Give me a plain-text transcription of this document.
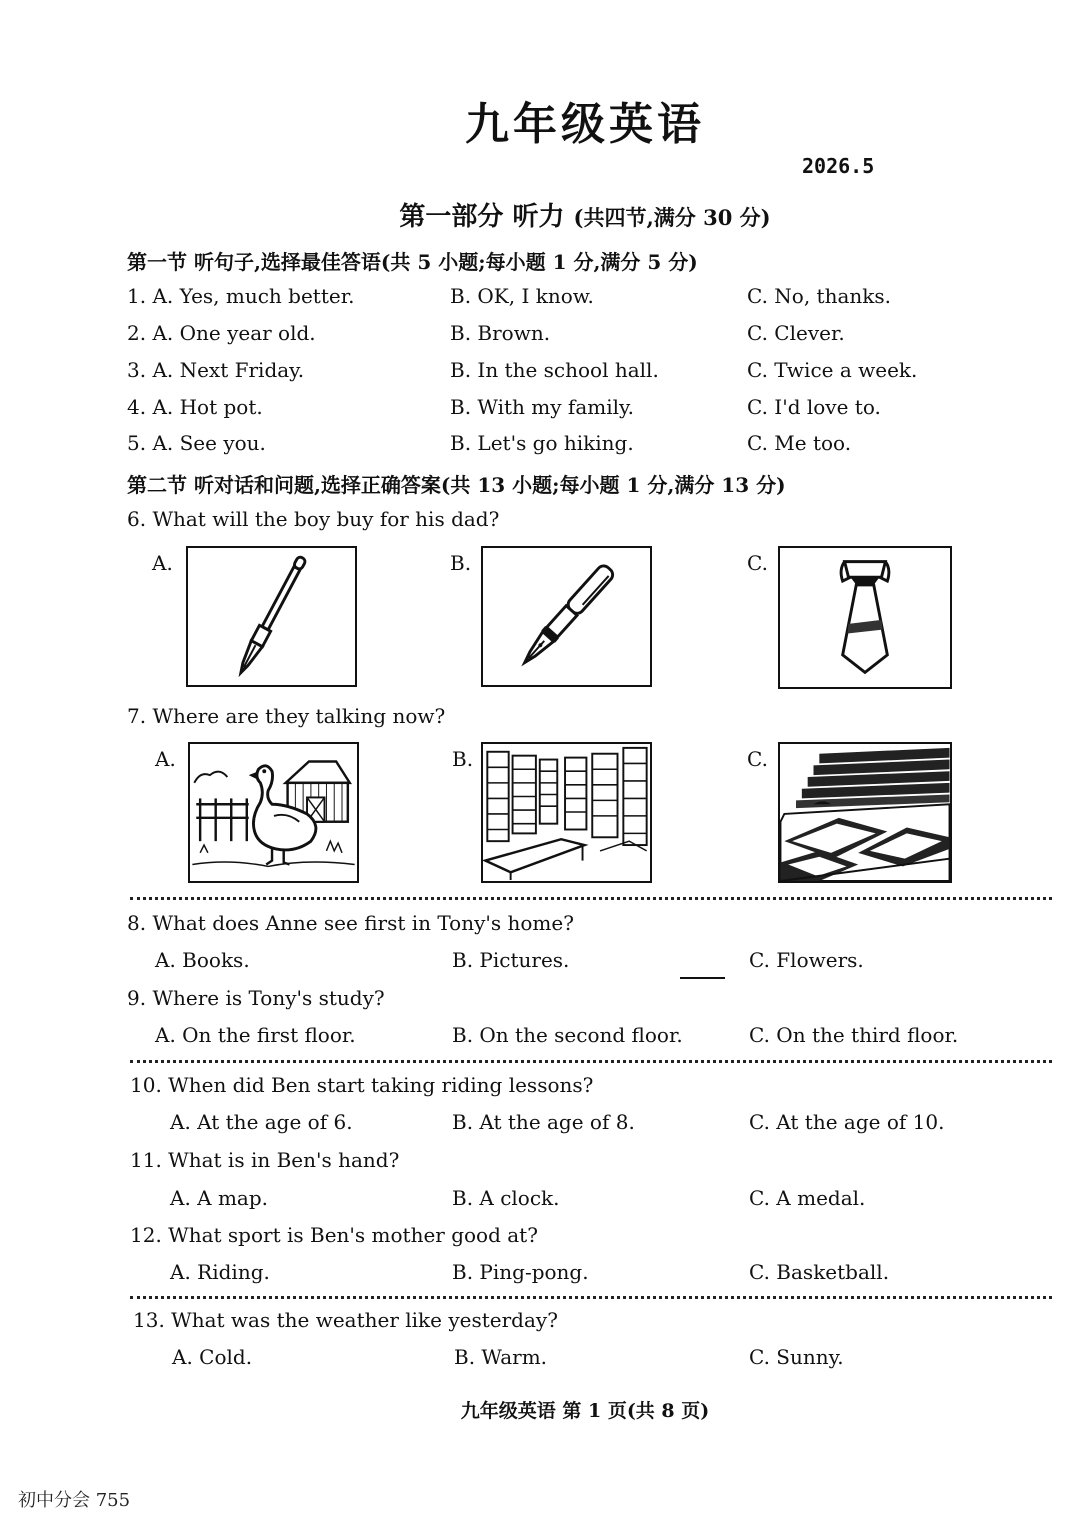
九年级英语
2026.5
第一部分 听力 (共四节,满分 30 分)
第一节 听句子,选择最佳答语(共 5 小题;每小题 1 分,满分 5 分)
1. A. Yes, much better.	B. OK, I know.	C. No, thanks.
2. A. One year old.	B. Brown.	C. Clever.
3. A. Next Friday.	B. In the school hall.	C. Twice a week.
4. A. Hot pot.	B. With my family.	C. I'd love to.
5. A. See you.	B. Let's go hiking.	C. Me too.
第二节 听对话和问题,选择正确答案(共 13 小题;每小题 1 分,满分 13 分)
6. What will the boy buy for his dad?
A.	B.	C.
7. Where are they talking now?
A.	B.	C.
8. What does Anne see first in Tony's home?
A. Books.	B. Pictures.	C. Flowers.
9. Where is Tony's study?
A. On the first floor.	B. On the second floor.	C. On the third floor.
10. When did Ben start taking riding lessons?
A. At the age of 6.	B. At the age of 8.	C. At the age of 10.
11. What is in Ben's hand?
A. A map.	B. A clock.	C. A medal.
12. What sport is Ben's mother good at?
A. Riding.	B. Ping-pong.	C. Basketball.
13. What was the weather like yesterday?
A. Cold.	B. Warm.	C. Sunny.
九年级英语 第 1 页(共 8 页)
初中分会 755
